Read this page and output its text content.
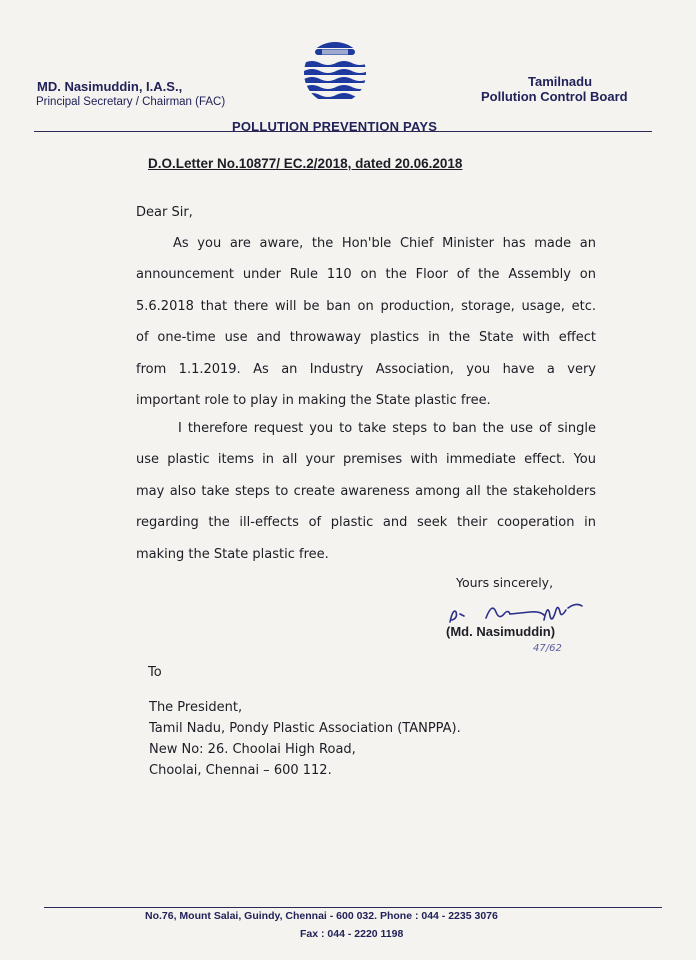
MD. Nasimuddin, I.A.S.,
Principal Secretary / Chairman (FAC)
Tamilnadu
Pollution Control Board
POLLUTION PREVENTION PAYS
D.O.Letter No.10877/ EC.2/2018, dated 20.06.2018
Dear Sir,
As you are aware, the Hon'ble Chief Minister has made an
announcement under Rule 110 on the Floor of the Assembly on
5.6.2018 that there will be ban on production, storage, usage, etc.
of one-time use and throwaway plastics in the State with effect
from 1.1.2019. As an Industry Association, you have a very
important role to play in making the State plastic free.
I therefore request you to take steps to ban the use of single
use plastic items in all your premises with immediate effect. You
may also take steps to create awareness among all the stakeholders
regarding the ill-effects of plastic and seek their cooperation in
making the State plastic free.
Yours sincerely,
(Md. Nasimuddin)
47/62
To
The President,
Tamil Nadu, Pondy Plastic Association (TANPPA).
New No: 26. Choolai High Road,
Choolai, Chennai – 600 112.
No.76, Mount Salai, Guindy, Chennai - 600 032. Phone : 044 - 2235 3076
Fax : 044 - 2220 1198
